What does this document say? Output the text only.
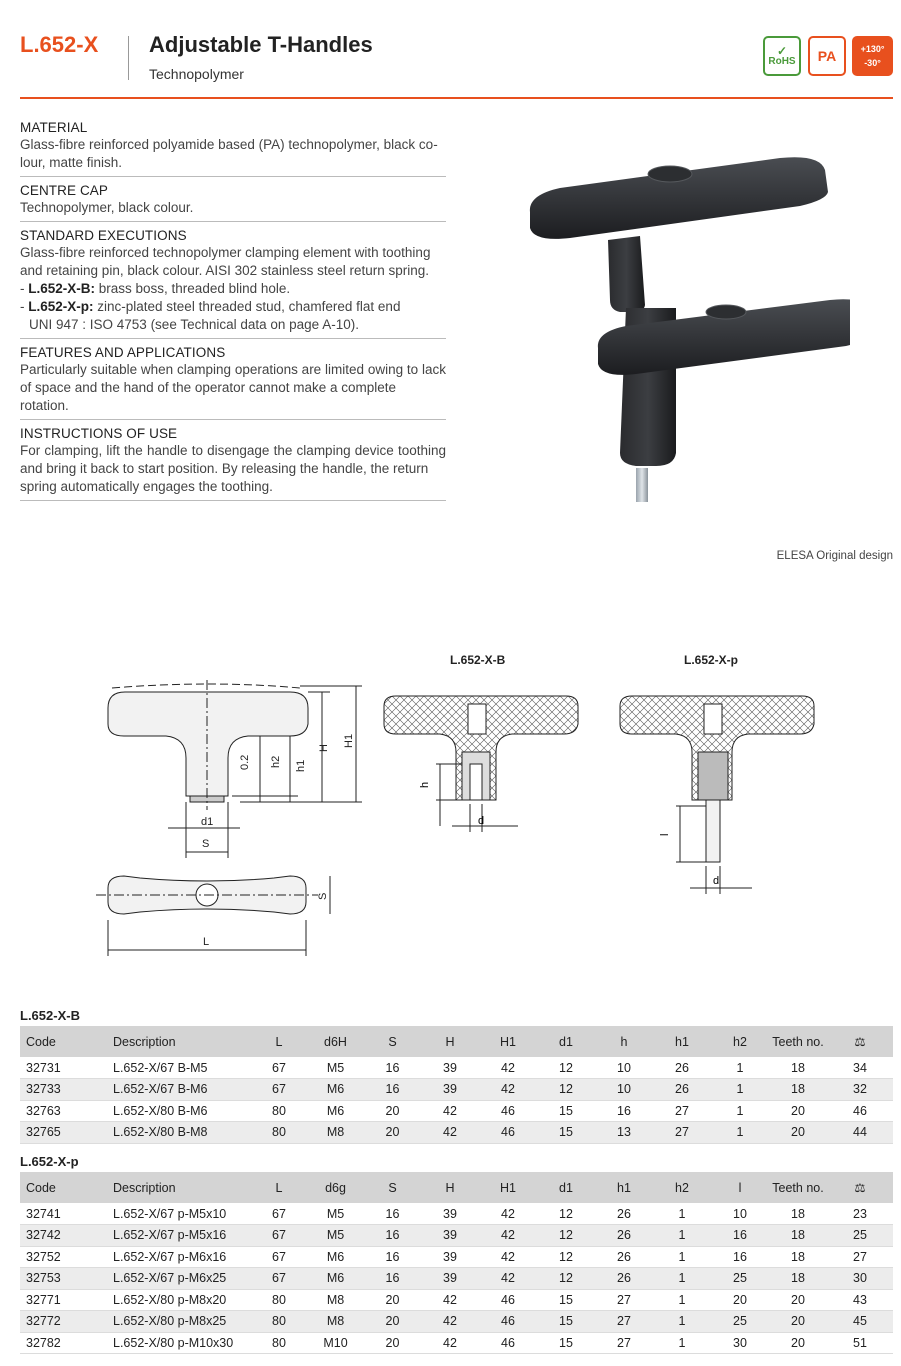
L.652-X Adjustable T-Handles
Technopolymer
✓
RoHS	PA	+130°
-30°
MATERIAL

Glass-fibre reinforced polyamide based (PA) technopolymer, black co-
lour, matte finish.

CENTRE CAP

Technopolymer, black colour.

STANDARD EXECUTIONS

Glass-fibre reinforced technopolymer clamping element with toothing
and retaining pin, black colour. AISI 302 stainless steel return spring.
- L.652-X-B: brass boss, threaded blind hole.
- L.652-X-p: zinc-plated steel threaded stud, chamfered flat end
UNI 947 : ISO 4753 (see Technical data on page A-10).

FEATURES AND APPLICATIONS

Particularly suitable when clamping operations are limited owing to lack of space and the hand of the operator cannot make a complete
rotation.

INSTRUCTIONS OF USE

For clamping, lift the handle to disengage the clamping device toothing and bring it back to start position. By releasing the handle, the return
spring automatically engages the toothing.

ELESA Original design
d1
S
0.2 h2 h1
H
H1
L
S
L.652-X-B
h
d
L.652-X-p
l
d
L.652-X-B
Code	Description	L	d6H	S	H	H1	d1	h	h1	h2	Teeth no.	⚖
32731	L.652-X/67 B-M5	67	M5	16	39	42	12	10	26	1	18	34
32733	L.652-X/67 B-M6	67	M6	16	39	42	12	10	26	1	18	32
32763	L.652-X/80 B-M6	80	M6	20	42	46	15	16	27	1	20	46
32765	L.652-X/80 B-M8	80	M8	20	42	46	15	13	27	1	20	44
L.652-X-p
Code	Description	L	d6g	S	H	H1	d1	h1	h2	l	Teeth no.	⚖
32741	L.652-X/67 p-M5x10	67	M5	16	39	42	12	26	1	10	18	23
32742	L.652-X/67 p-M5x16	67	M5	16	39	42	12	26	1	16	18	25
32752	L.652-X/67 p-M6x16	67	M6	16	39	42	12	26	1	16	18	27
32753	L.652-X/67 p-M6x25	67	M6	16	39	42	12	26	1	25	18	30
32771	L.652-X/80 p-M8x20	80	M8	20	42	46	15	27	1	20	20	43
32772	L.652-X/80 p-M8x25	80	M8	20	42	46	15	27	1	25	20	45
32782	L.652-X/80 p-M10x30	80	M10	20	42	46	15	27	1	30	20	51
